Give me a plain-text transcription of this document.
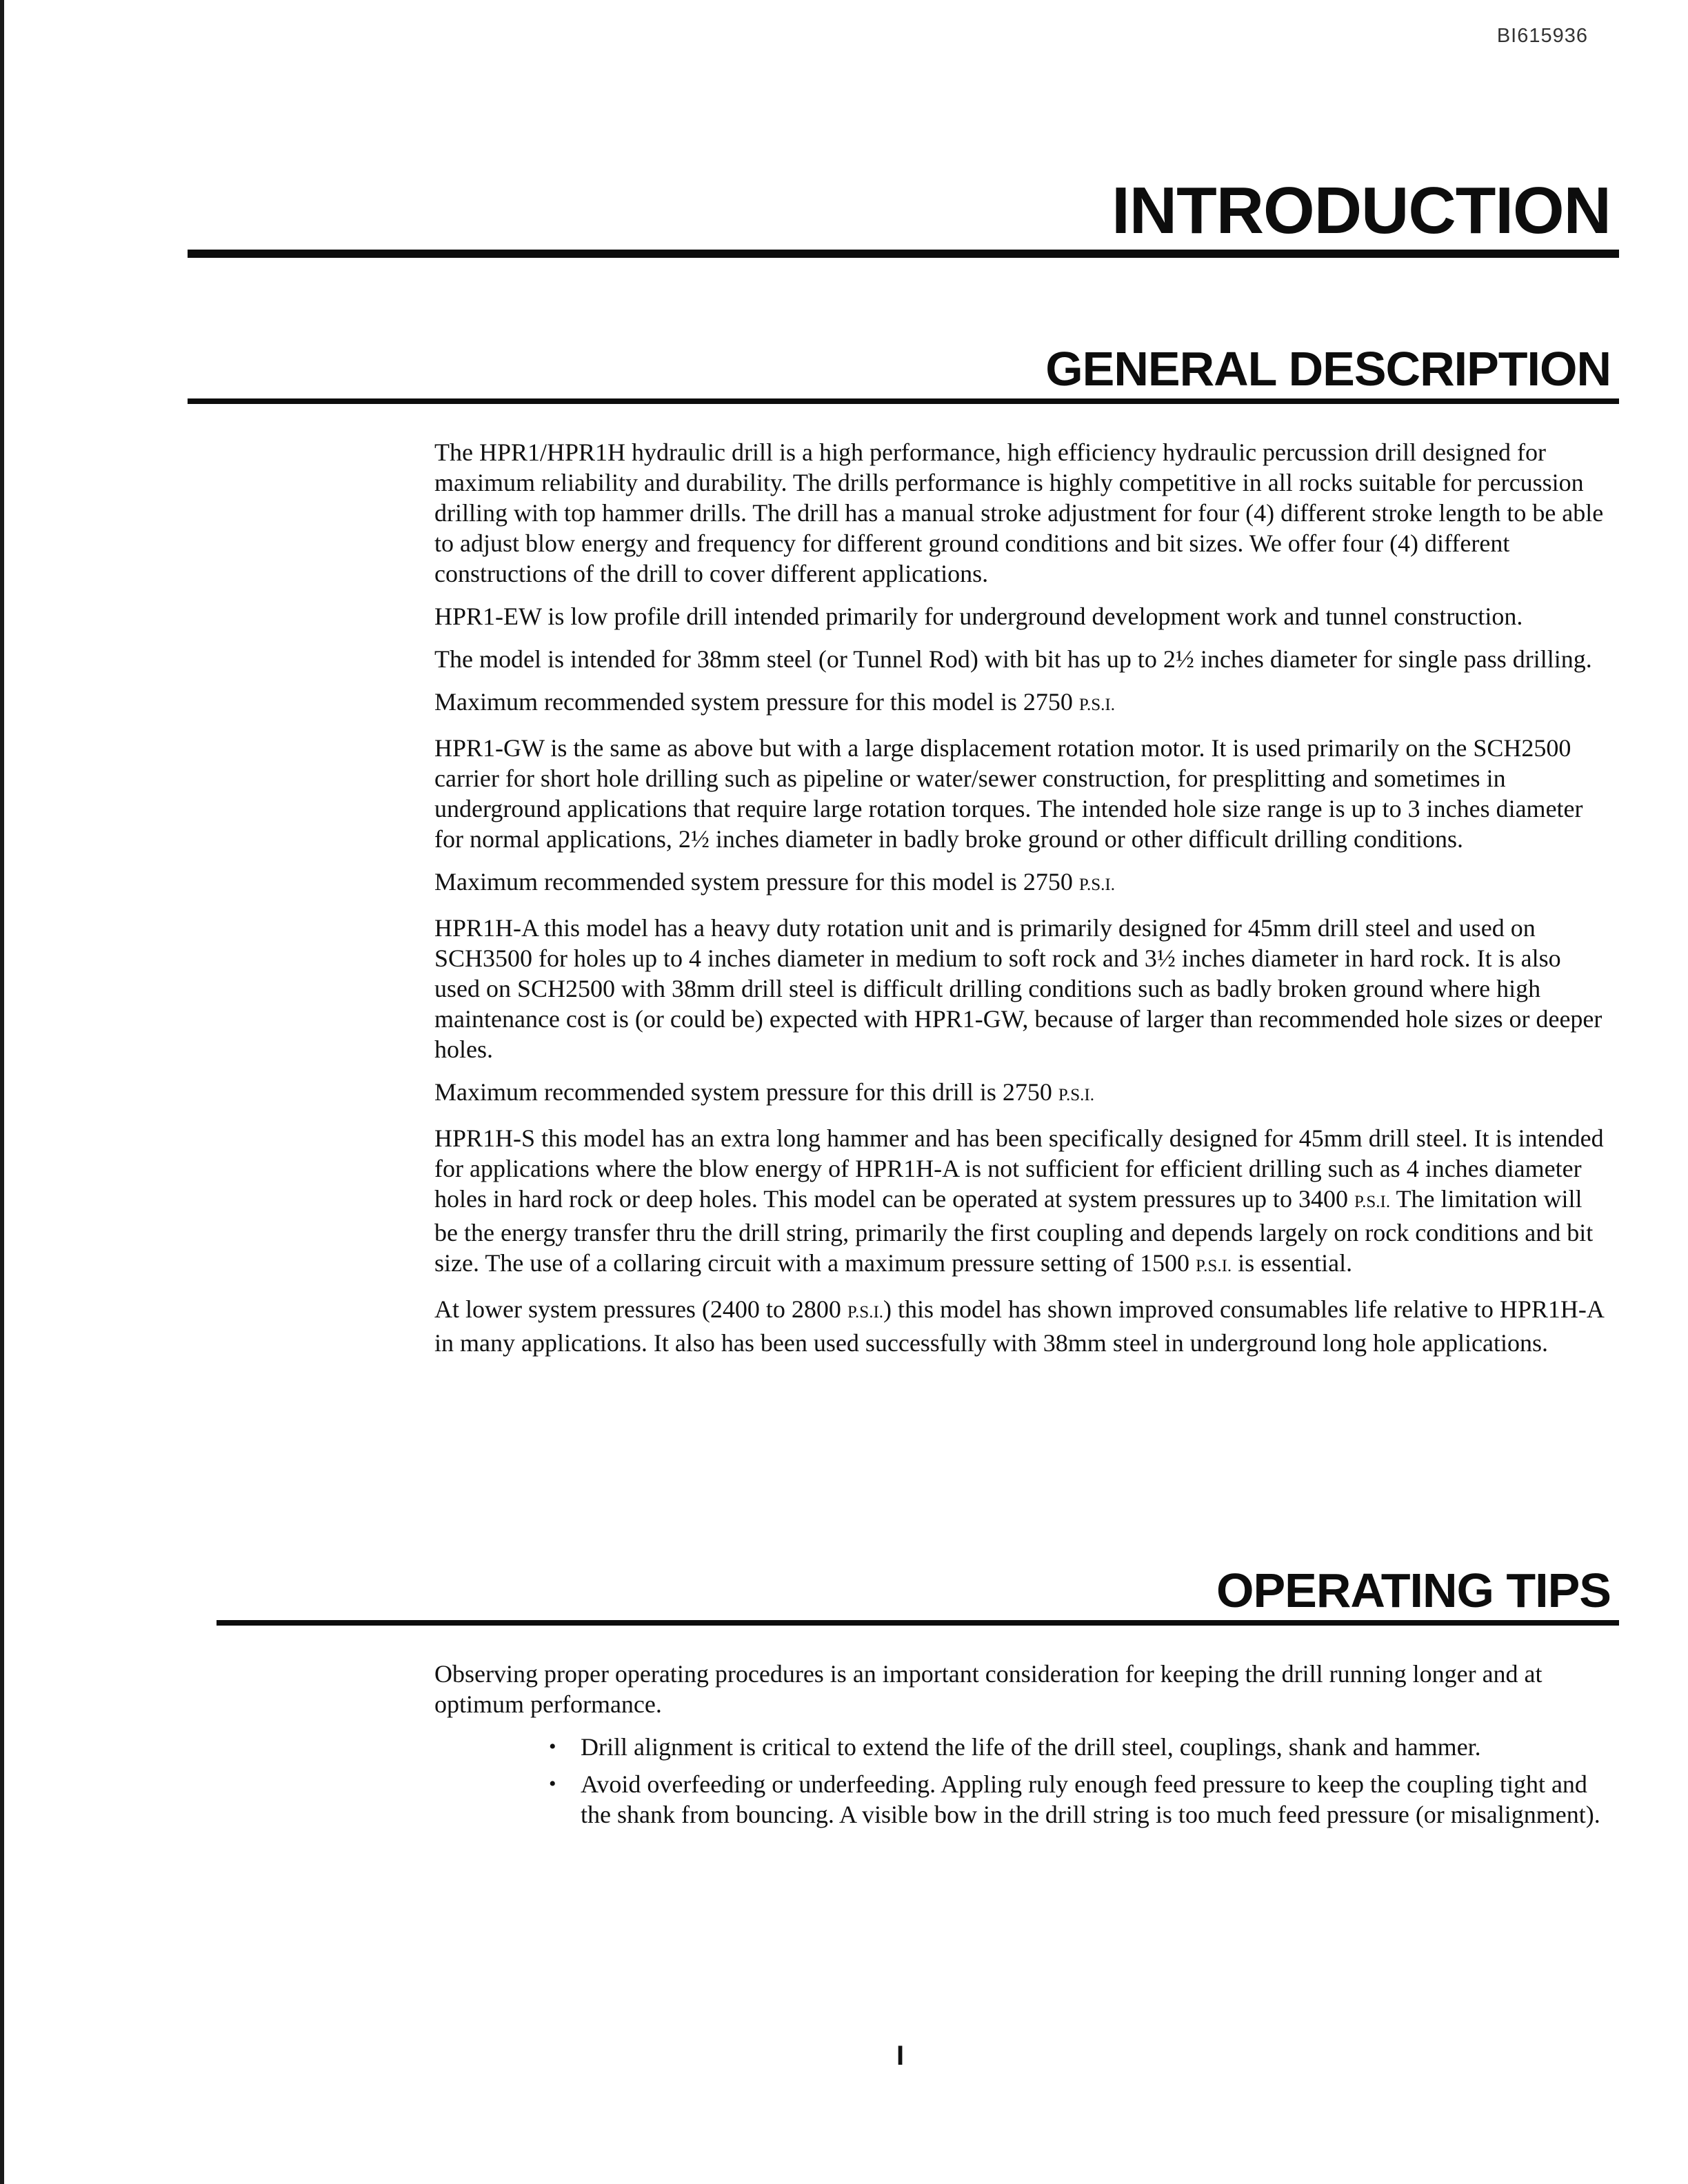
BI615936
INTRODUCTION
GENERAL DESCRIPTION

The HPR1/HPR1H hydraulic drill is a high performance, high efficiency hydraulic percussion drill designed for maximum reliability and durability. The drills performance is highly competitive in all rocks suitable for percussion drilling with top hammer drills. The drill has a manual stroke adjustment for four (4) different stroke length to be able to adjust blow energy and frequency for different ground conditions and bit sizes. We offer four (4) different constructions of the drill to cover different applications.

HPR1-EW is low profile drill intended primarily for underground development work and tunnel construction.

The model is intended for 38mm steel (or Tunnel Rod) with bit has up to 2½ inches diameter for single pass drilling.

Maximum recommended system pressure for this model is 2750 P.S.I.

HPR1-GW is the same as above but with a large displacement rotation motor. It is used primarily on the SCH2500 carrier for short hole drilling such as pipeline or water/sewer construction, for presplitting and sometimes in underground applications that require large rotation torques. The intended hole size range is up to 3 inches diameter for normal applications, 2½ inches diameter in badly broke ground or other difficult drilling conditions.

Maximum recommended system pressure for this model is 2750 P.S.I.

HPR1H-A this model has a heavy duty rotation unit and is primarily designed for 45mm drill steel and used on SCH3500 for holes up to 4 inches diameter in medium to soft rock and 3½ inches diameter in hard rock. It is also used on SCH2500 with 38mm drill steel is difficult drilling conditions such as badly broken ground where high maintenance cost is (or could be) expected with HPR1-GW, because of larger than recommended hole sizes or deeper holes.

Maximum recommended system pressure for this drill is 2750 P.S.I.

HPR1H-S this model has an extra long hammer and has been specifically designed for 45mm drill steel. It is intended for applications where the blow energy of HPR1H-A is not sufficient for efficient drilling such as 4 inches diameter holes in hard rock or deep holes. This model can be operated at system pressures up to 3400 P.S.I. The limitation will be the energy transfer thru the drill string, primarily the first coupling and depends largely on rock conditions and bit size. The use of a collaring circuit with a maximum pressure setting of 1500 P.S.I. is essential.

At lower system pressures (2400 to 2800 P.S.I.) this model has shown improved consumables life relative to HPR1H-A in many applications. It also has been used successfully with 38mm steel in underground long hole applications.

OPERATING TIPS

Observing proper operating procedures is an important consideration for keeping the drill running longer and at optimum performance.

• Drill alignment is critical to extend the life of the drill steel, couplings, shank and hammer.
• Avoid overfeeding or underfeeding. Appling ruly enough feed pressure to keep the coupling tight and the shank from bouncing. A visible bow in the drill string is too much feed pressure (or misalignment).
I
